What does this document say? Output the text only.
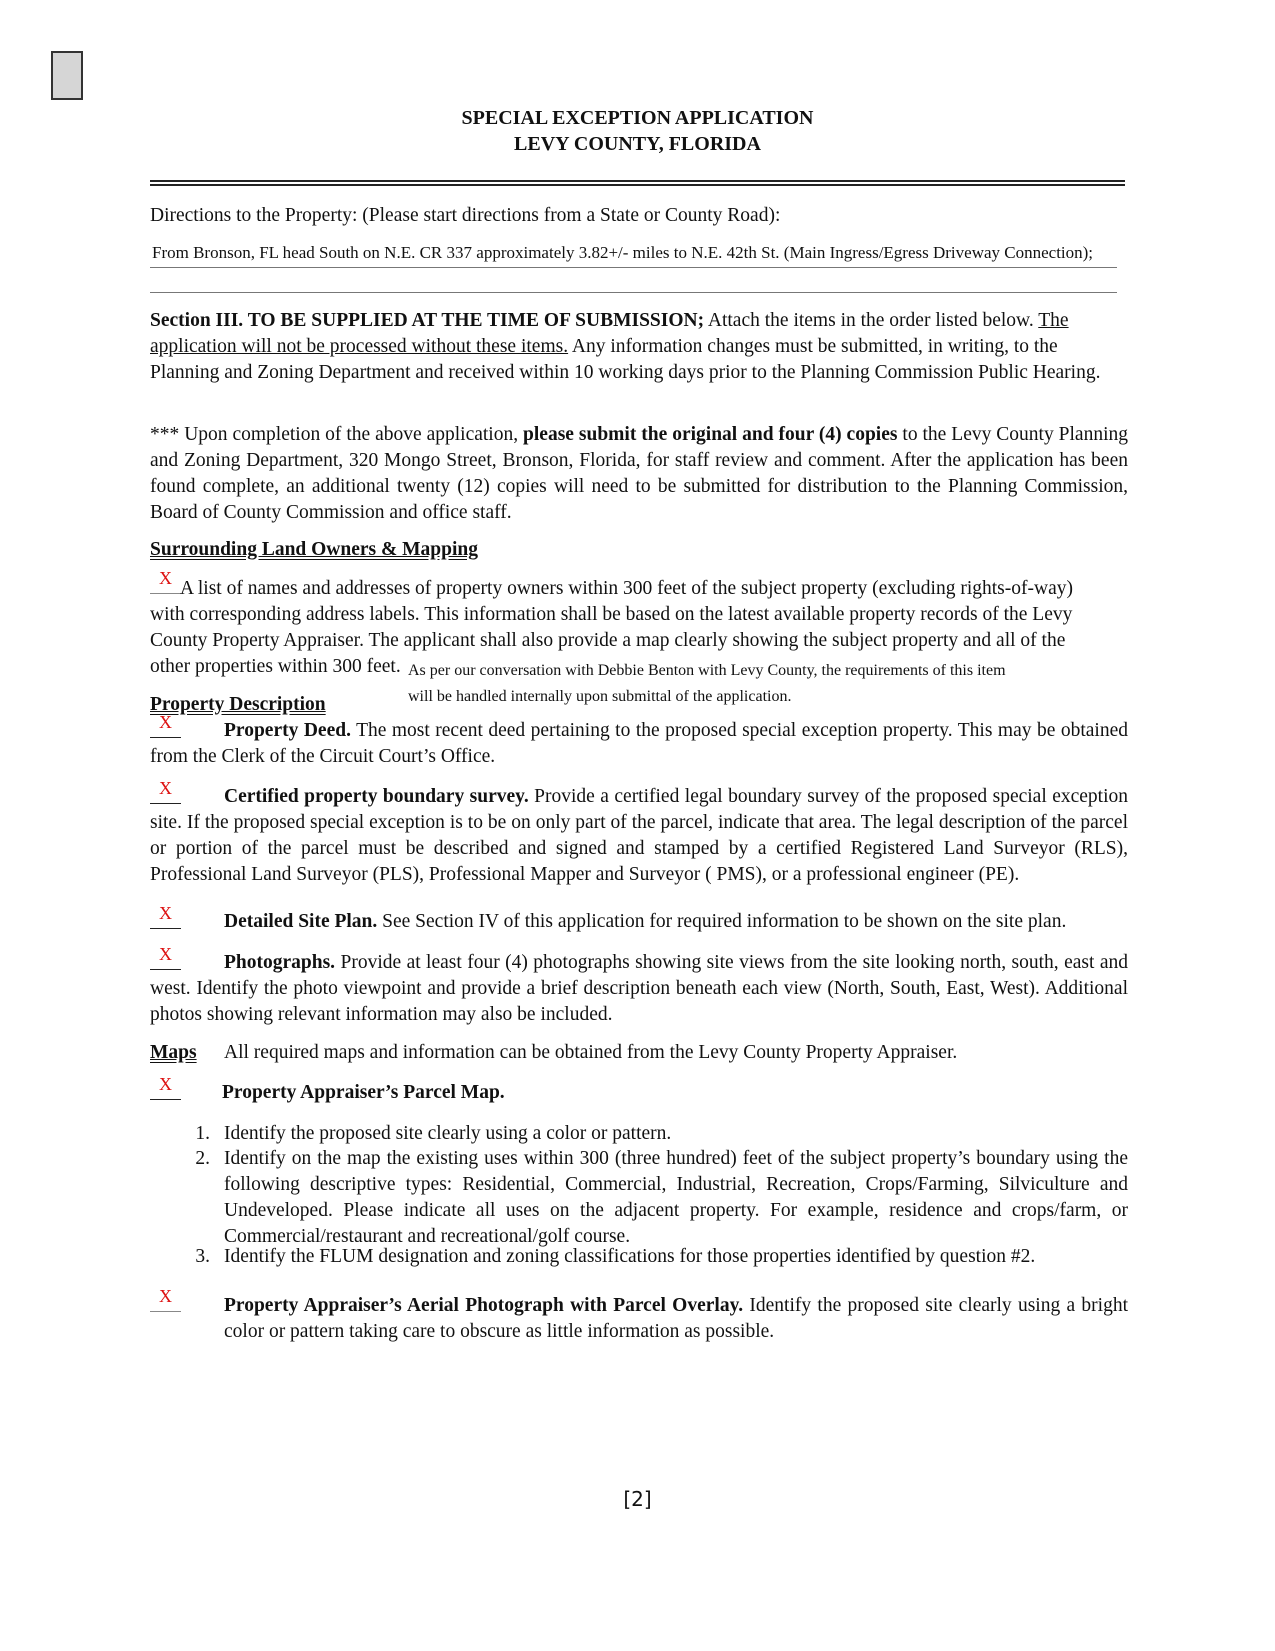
SPECIAL EXCEPTION APPLICATION
LEVY COUNTY, FLORIDA
Directions to the Property: (Please start directions from a State or County Road):
From Bronson, FL head South on N.E. CR 337 approximately 3.82+/- miles to N.E. 42th St. (Main Ingress/Egress Driveway Connection);
Section III. TO BE SUPPLIED AT THE TIME OF SUBMISSION; Attach the items in the order listed below. The application will not be processed without these items. Any information changes must be submitted, in writing, to the Planning and Zoning Department and received within 10 working days prior to the Planning Commission Public Hearing.
*** Upon completion of the above application, please submit the original and four (4) copies to the Levy County Planning and Zoning Department, 320 Mongo Street, Bronson, Florida, for staff review and comment. After the application has been found complete, an additional twenty (12) copies will need to be submitted for distribution to the Planning Commission, Board of County Commission and office staff.
Surrounding Land Owners & Mapping
X A list of names and addresses of property owners within 300 feet of the subject property (excluding rights-of-way)
with corresponding address labels. This information shall be based on the latest available property records of the Levy County Property Appraiser. The applicant shall also provide a map clearly showing the subject property and all of the
other properties within 300 feet. As per our conversation with Debbie Benton with Levy County, the requirements of this item
will be handled internally upon submittal of the application.
Property Description
X	Property Deed. The most recent deed pertaining to the proposed special exception property. This may be obtained from the Clerk of the Circuit Court’s Office.
X	Certified property boundary survey. Provide a certified legal boundary survey of the proposed special exception site. If the proposed special exception is to be on only part of the parcel, indicate that area. The legal description of the parcel or portion of the parcel must be described and signed and stamped by a certified Registered Land Surveyor (RLS), Professional Land Surveyor (PLS), Professional Mapper and Surveyor ( PMS), or a professional engineer (PE).
X	Detailed Site Plan. See Section IV of this application for required information to be shown on the site plan.
X	Photographs. Provide at least four (4) photographs showing site views from the site looking north, south, east and west. Identify the photo viewpoint and provide a brief description beneath each view (North, South, East, West). Additional photos showing relevant information may also be included.
Maps	All required maps and information can be obtained from the Levy County Property Appraiser.
X	Property Appraiser’s Parcel Map.
1. Identify the proposed site clearly using a color or pattern.
2. Identify on the map the existing uses within 300 (three hundred) feet of the subject property’s boundary using the following descriptive types: Residential, Commercial, Industrial, Recreation, Crops/Farming, Silviculture and Undeveloped. Please indicate all uses on the adjacent property. For example, residence and crops/farm, or Commercial/restaurant and recreational/golf course.
3. Identify the FLUM designation and zoning classifications for those properties identified by question #2.
X	Property Appraiser’s Aerial Photograph with Parcel Overlay. Identify the proposed site clearly using a bright color or pattern taking care to obscure as little information as possible.
[2]
